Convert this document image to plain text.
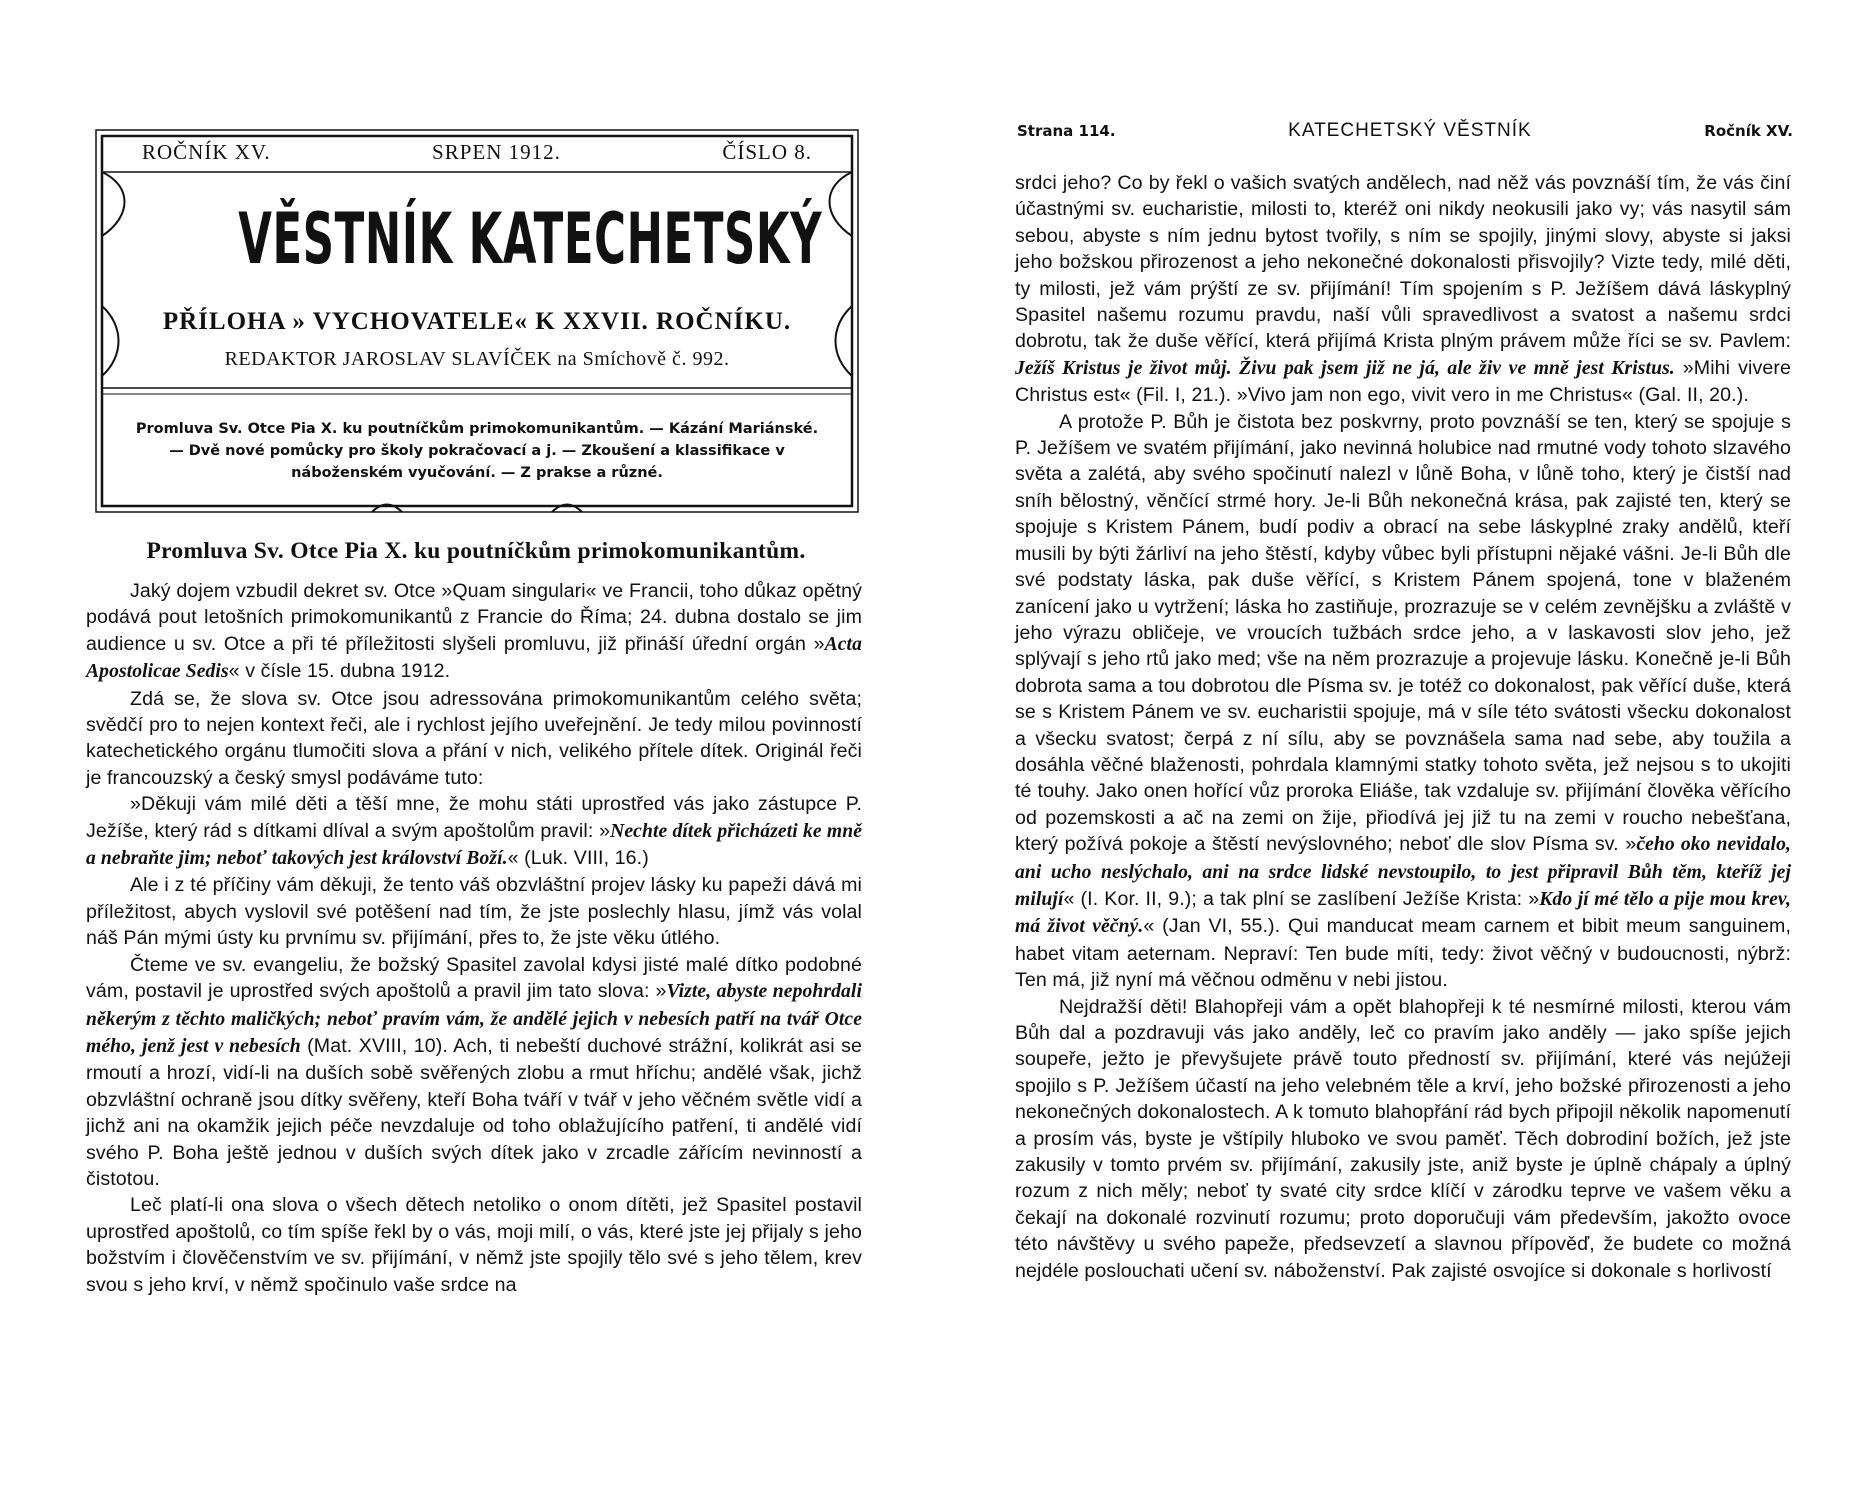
ROČNÍK XV.	SRPEN 1912.	ČÍSLO 8.
VĚSTNÍK KATECHETSKÝ
PŘÍLOHA » VYCHOVATELE« K XXVII. ROČNÍKU.
REDAKTOR JAROSLAV SLAVÍČEK na Smíchově č. 992.
Promluva Sv. Otce Pia X. ku poutníčkům primokomunikantům. — Kázání Mariánské. — Dvě nové pomůcky pro školy pokračovací a j. — Zkoušení a klassifikace v náboženském vyučování. — Z prakse a různé.
Promluva Sv. Otce Pia X. ku poutníčkům primokomunikantům.

Jaký dojem vzbudil dekret sv. Otce »Quam singulari« ve Francii, toho důkaz opětný podává pout letošních primokomunikantů z Francie do Říma; 24. dubna dostalo se jim audience u sv. Otce a při té příležitosti slyšeli promluvu, již přináší úřední orgán »Acta Apostolicae Sedis« v čísle 15. dubna 1912.

Zdá se, že slova sv. Otce jsou adressována primokomunikantům celého světa; svědčí pro to nejen kontext řeči, ale i rychlost jejího uveřejnění. Je tedy milou povinností katechetického orgánu tlumočiti slova a přání v nich, velikého přítele dítek. Originál řeči je francouzský a český smysl podáváme tuto:

»Děkuji vám milé děti a těší mne, že mohu státi uprostřed vás jako zástupce P. Ježíše, který rád s dítkami dlíval a svým apoštolům pravil: »Nechte dítek přicházeti ke mně a nebraňte jim; neboť takových jest království Boží.« (Luk. VIII, 16.)

Ale i z té příčiny vám děkuji, že tento váš obzvláštní projev lásky ku papeži dává mi příležitost, abych vyslovil své potěšení nad tím, že jste poslechly hlasu, jímž vás volal náš Pán mými ústy ku prvnímu sv. přijímání, přes to, že jste věku útlého.

Čteme ve sv. evangeliu, že božský Spasitel zavolal kdysi jisté malé dítko podobné vám, postavil je uprostřed svých apoštolů a pravil jim tato slova: »Vizte, abyste nepohrdali někerým z těchto maličkých; neboť pravím vám, že andělé jejich v nebesích patří na tvář Otce mého, jenž jest v nebesích (Mat. XVIII, 10). Ach, ti nebeští duchové strážní, kolikrát asi se rmoutí a hrozí, vidí-li na duších sobě svěřených zlobu a rmut hříchu; andělé však, jichž obzvláštní ochraně jsou dítky svěřeny, kteří Boha tváří v tvář v jeho věčném světle vidí a jichž ani na okamžik jejich péče nevzdaluje od toho oblažujícího patření, ti andělé vidí svého P. Boha ještě jednou v duších svých dítek jako v zrcadle zářícím nevinností a čistotou.

Leč platí-li ona slova o všech dětech netoliko o onom dítěti, jež Spasitel postavil uprostřed apoštolů, co tím spíše řekl by o vás, moji milí, o vás, které jste jej přijaly s jeho božstvím i člověčenstvím ve sv. přijímání, v němž jste spojily tělo své s jeho tělem, krev svou s jeho krví, v němž spočinulo vaše srdce na

Strana 114.	KATECHETSKÝ VĚSTNÍK	Ročník XV.

srdci jeho? Co by řekl o vašich svatých andělech, nad něž vás povznáší tím, že vás činí účastnými sv. eucharistie, milosti to, kteréž oni nikdy neokusili jako vy; vás nasytil sám sebou, abyste s ním jednu bytost tvořily, s ním se spojily, jinými slovy, abyste si jaksi jeho božskou přirozenost a jeho nekonečné dokonalosti přisvojily? Vizte tedy, milé děti, ty milosti, jež vám prýští ze sv. přijímání! Tím spojením s P. Ježíšem dává láskyplný Spasitel našemu rozumu pravdu, naší vůli spravedlivost a svatost a našemu srdci dobrotu, tak že duše věřící, která přijímá Krista plným právem může říci se sv. Pavlem: Ježíš Kristus je život můj. Živu pak jsem již ne já, ale živ ve mně jest Kristus. »Mihi vivere Christus est« (Fil. I, 21.). »Vivo jam non ego, vivit vero in me Christus« (Gal. II, 20.).

A protože P. Bůh je čistota bez poskvrny, proto povznáší se ten, který se spojuje s P. Ježíšem ve svatém přijímání, jako nevinná holubice nad rmutné vody tohoto slzavého světa a zalétá, aby svého spočinutí nalezl v lůně Boha, v lůně toho, který je čistší nad sníh bělostný, věnčící strmé hory. Je-li Bůh nekonečná krása, pak zajisté ten, který se spojuje s Kristem Pánem, budí podiv a obrací na sebe láskyplné zraky andělů, kteří musili by býti žárliví na jeho štěstí, kdyby vůbec byli přístupni nějaké vášni. Je-li Bůh dle své podstaty láska, pak duše věřící, s Kristem Pánem spojená, tone v blaženém zanícení jako u vytržení; láska ho zastiňuje, prozrazuje se v celém zevnějšku a zvláště v jeho výrazu obličeje, ve vroucích tužbách srdce jeho, a v laskavosti slov jeho, jež splývají s jeho rtů jako med; vše na něm prozrazuje a projevuje lásku. Konečně je-li Bůh dobrota sama a tou dobrotou dle Písma sv. je totéž co dokonalost, pak věřící duše, která se s Kristem Pánem ve sv. eucharistii spojuje, má v síle této svátosti všecku dokonalost a všecku svatost; čerpá z ní sílu, aby se povznášela sama nad sebe, aby toužila a dosáhla věčné blaženosti, pohrdala klamnými statky tohoto světa, jež nejsou s to ukojiti té touhy. Jako onen hořící vůz proroka Eliáše, tak vzdaluje sv. přijímání člověka věřícího od pozemskosti a ač na zemi on žije, přiodívá jej již tu na zemi v roucho nebešťana, který požívá pokoje a štěstí nevýslovného; neboť dle slov Písma sv. »čeho oko nevidalo, ani ucho neslýchalo, ani na srdce lidské nevstoupilo, to jest připravil Bůh těm, kteříž jej milují« (I. Kor. II, 9.); a tak plní se zaslíbení Ježíše Krista: »Kdo jí mé tělo a pije mou krev, má život věčný.« (Jan VI, 55.). Qui manducat meam carnem et bibit meum sanguinem, habet vitam aeternam. Nepraví: Ten bude míti, tedy: život věčný v budoucnosti, nýbrž: Ten má, již nyní má věčnou odměnu v nebi jistou.

Nejdražší děti! Blahopřeji vám a opět blahopřeji k té nesmírné milosti, kterou vám Bůh dal a pozdravuji vás jako anděly, leč co pravím jako anděly — jako spíše jejich soupeře, ježto je převyšujete právě touto předností sv. přijímání, které vás nejúžeji spojilo s P. Ježíšem účastí na jeho velebném těle a krví, jeho božské přirozenosti a jeho nekonečných dokonalostech. A k tomuto blahopřání rád bych připojil několik napomenutí a prosím vás, byste je vštípily hluboko ve svou paměť. Těch dobrodiní božích, jež jste zakusily v tomto prvém sv. přijímání, zakusily jste, aniž byste je úplně chápaly a úplný rozum z nich měly; neboť ty svaté city srdce klíčí v zárodku teprve ve vašem věku a čekají na dokonalé rozvinutí rozumu; proto doporučuji vám především, jakožto ovoce této návštěvy u svého papeže, předsevzetí a slavnou přípověď, že budete co možná nejdéle poslouchati učení sv. náboženství. Pak zajisté osvojíce si dokonale s horlivostí
